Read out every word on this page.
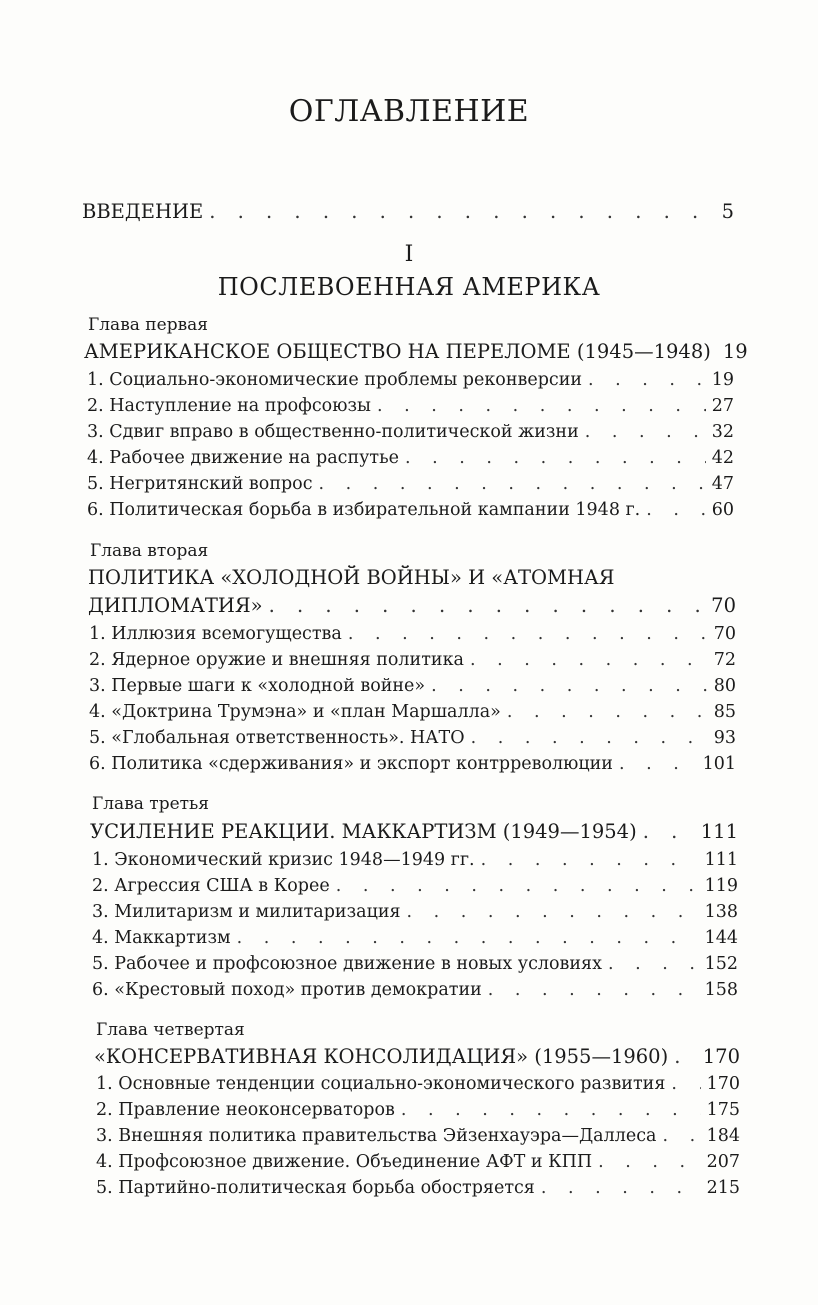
ОГЛАВЛЕНИЕ
ВВЕДЕНИЕ . . .	5
I
ПОСЛЕВОЕННАЯ АМЕРИКА
Глава первая
АМЕРИКАНСКОЕ ОБЩЕСТВО НА ПЕРЕЛОМЕ (1945—1948) 19
1. Социально-экономические проблемы реконверсии . . .	19
2. Наступление на профсоюзы . . .	27
3. Сдвиг вправо в общественно-политической жизни . . .	32
4. Рабочее движение на распутье . . .	42
5. Негритянский вопрос . . .	47
6. Политическая борьба в избирательной кампании 1948 г. . . .	60
Глава вторая
ПОЛИТИКА «ХОЛОДНОЙ ВОЙНЫ» И «АТОМНАЯ
ДИПЛОМАТИЯ» . . .	70
1. Иллюзия всемогущества . . .	70
2. Ядерное оружие и внешняя политика . . .	72
3. Первые шаги к «холодной войне» . . .	80
4. «Доктрина Трумэна» и «план Маршалла» . . .	85
5. «Глобальная ответственность». НАТО . . .	93
6. Политика «сдерживания» и экспорт контрреволюции . . .	101
Глава третья
УСИЛЕНИЕ РЕАКЦИИ. МАККАРТИЗМ (1949—1954) . . .	111
1. Экономический кризис 1948—1949 гг. . . .	111
2. Агрессия США в Корее . . .	119
3. Милитаризм и милитаризация . . .	138
4. Маккартизм . . .	144
5. Рабочее и профсоюзное движение в новых условиях . . .	152
6. «Крестовый поход» против демократии . . .	158
Глава четвертая
«КОНСЕРВАТИВНАЯ КОНСОЛИДАЦИЯ» (1955—1960) . . . 170
1. Основные тенденции социально-экономического развития . . . 170
2. Правление неоконсерваторов . . .	175
3. Внешняя политика правительства Эйзенхауэра—Даллеса . . .	184
4. Профсоюзное движение. Объединение АФТ и КПП . . .	207
5. Партийно-политическая борьба обостряется . . .	215
